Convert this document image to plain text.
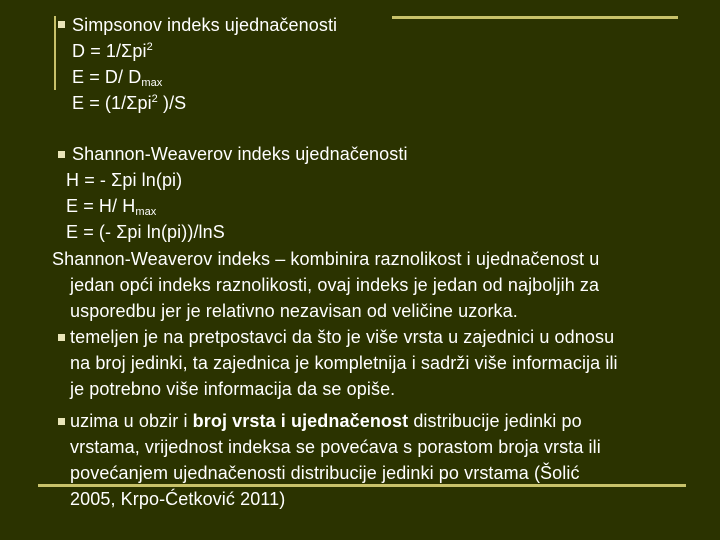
Simpsonov indeks ujednačenosti
D = 1/Σpi$^2$
E = D/ $D_{max}$
E = (1/Σpi$^2$ )/S
Shannon-Weaverov indeks ujednačenosti
H = - Σpi ln(pi)
E = H/ $H_{max}$
E = (- Σpi ln(pi))/lnS
Shannon-Weaverov indeks – kombinira raznolikost i ujednačenost u
jedan opći indeks raznolikosti, ovaj indeks je jedan od najboljih za
usporedbu jer je relativno nezavisan od veličine uzorka.
temeljen je na pretpostavci da što je više vrsta u zajednici u odnosu
na broj jedinki, ta zajednica je kompletnija i sadrži više informacija ili
je potrebno više informacija da se opiše.
uzima u obzir i broj vrsta i ujednačenost distribucije jedinki po
vrstama, vrijednost indeksa se povećava s porastom broja vrsta ili
povećanjem ujednačenosti distribucije jedinki po vrstama (Šolić
2005, Krpo-Ćetković 2011)
